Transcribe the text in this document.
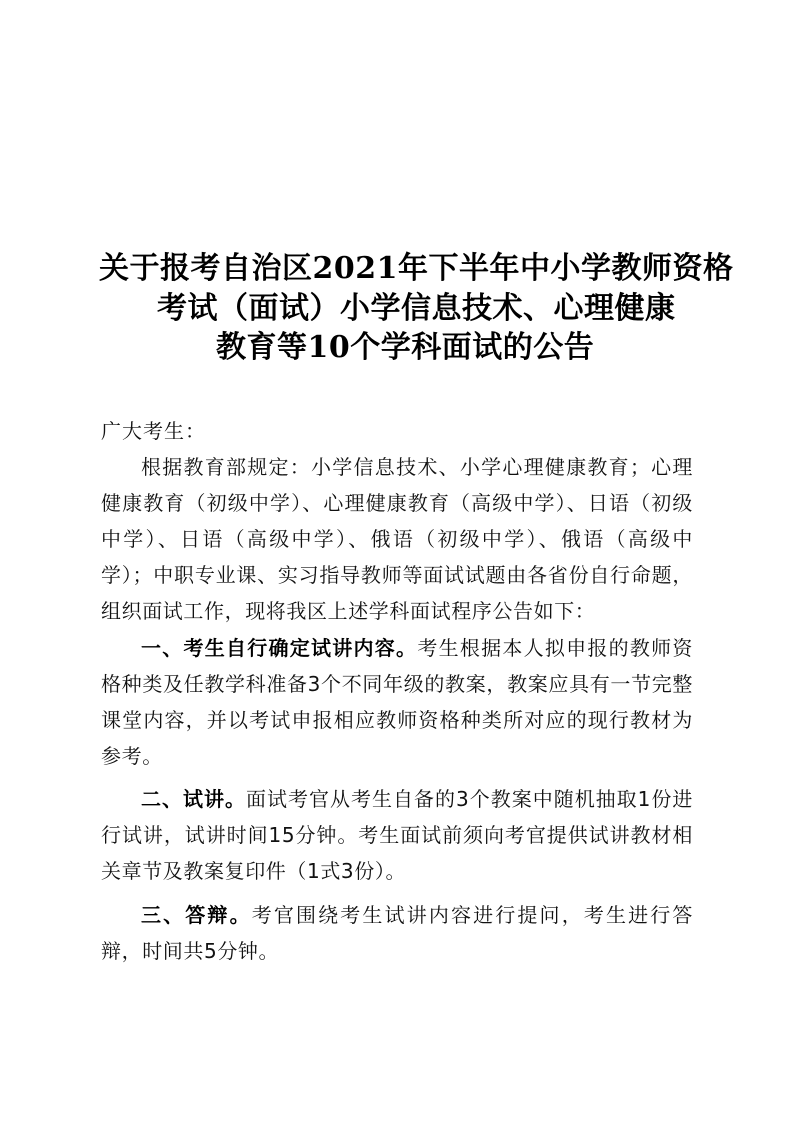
关于报考自治区2021年下半年中小学教师资格
考试（面试）小学信息技术、心理健康
教育等10个学科面试的公告
广大考生：

根据教育部规定：小学信息技术、小学心理健康教育；心理健康教育（初级中学）、心理健康教育（高级中学）、日语（初级中学）、日语（高级中学）、俄语（初级中学）、俄语（高级中学）；中职专业课、实习指导教师等面试试题由各省份自行命题，组织面试工作，现将我区上述学科面试程序公告如下：

一、考生自行确定试讲内容。考生根据本人拟申报的教师资格种类及任教学科准备3个不同年级的教案，教案应具有一节完整课堂内容，并以考试申报相应教师资格种类所对应的现行教材为参考。

二、试讲。面试考官从考生自备的3个教案中随机抽取1份进行试讲，试讲时间15分钟。考生面试前须向考官提供试讲教材相关章节及教案复印件（1式3份）。

三、答辩。考官围绕考生试讲内容进行提问，考生进行答辩，时间共5分钟。
